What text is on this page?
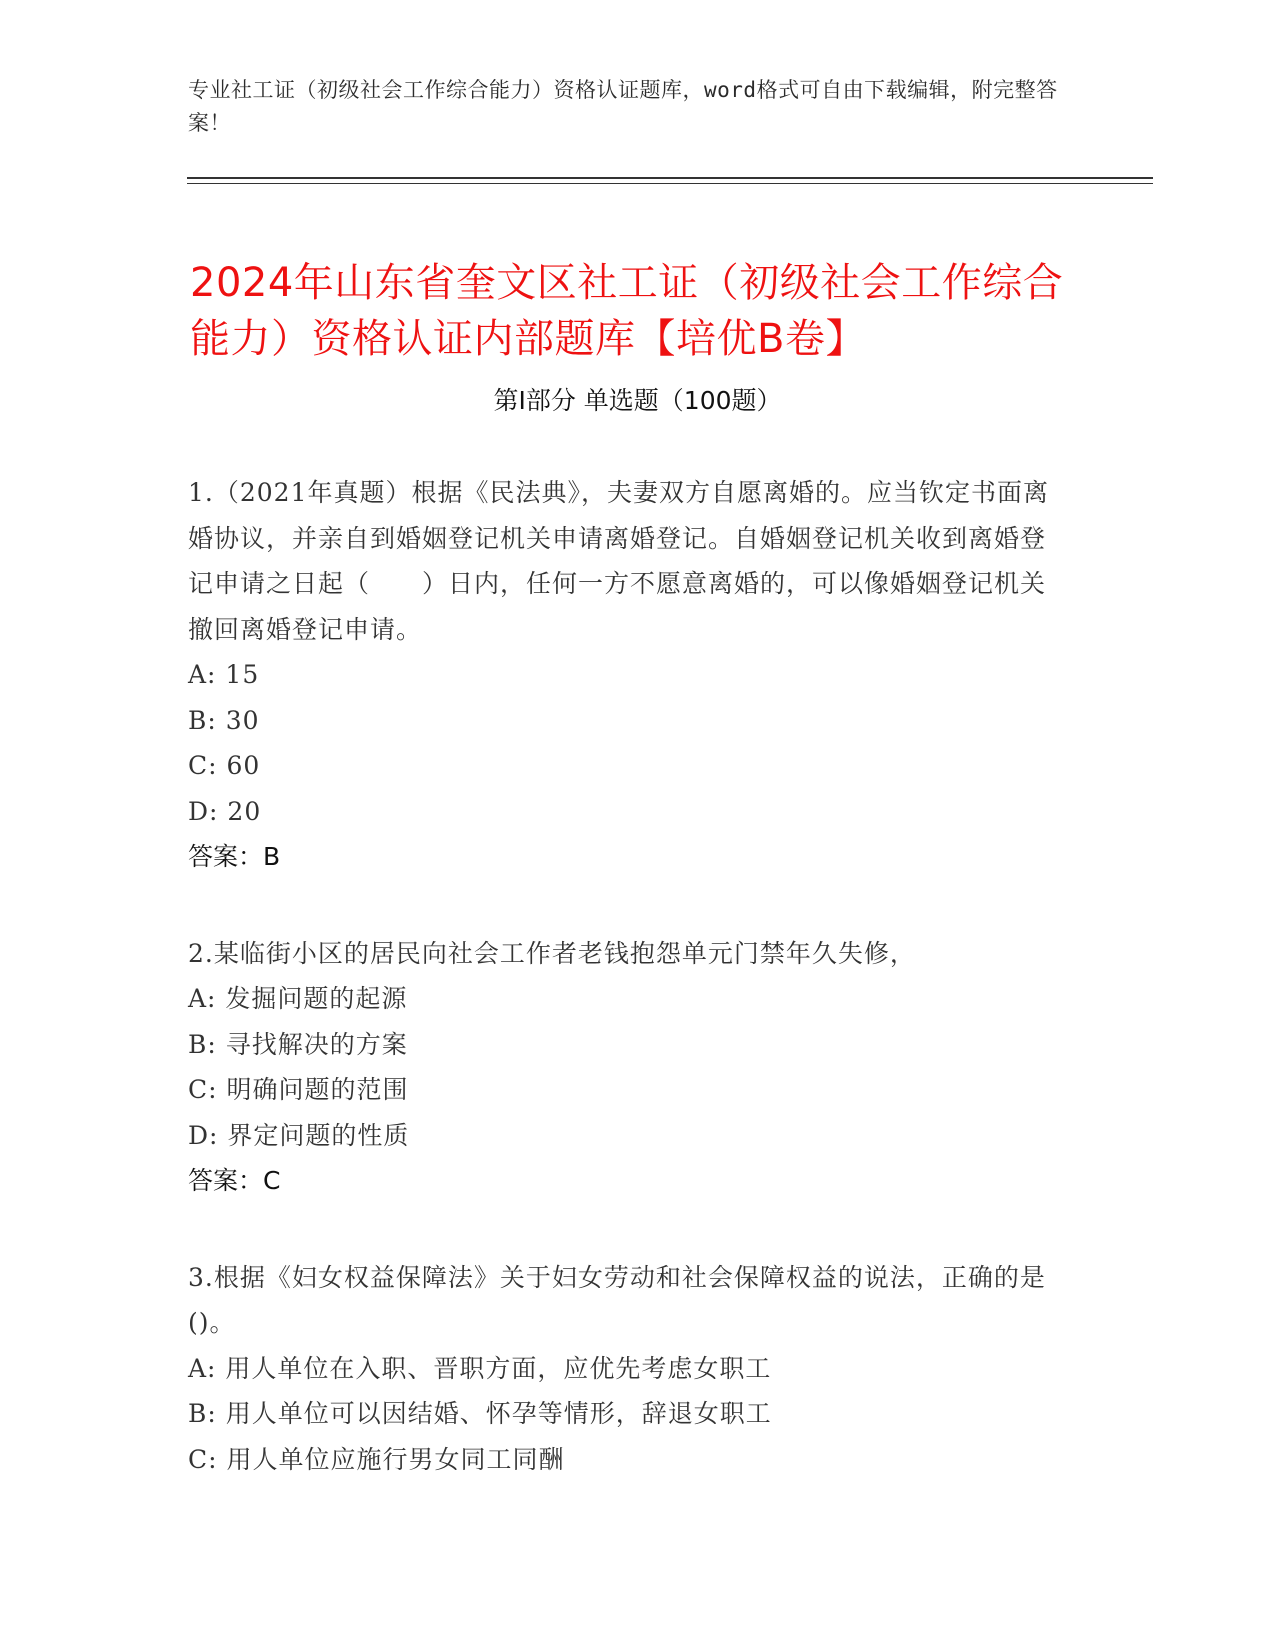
专业社工证（初级社会工作综合能力）资格认证题库，word格式可自由下载编辑，附完整答案！
2024年山东省奎文区社工证（初级社会工作综合能力）资格认证内部题库【培优B卷】
第I部分 单选题（100题）

1.（2021年真题）根据《民法典》，夫妻双方自愿离婚的。应当钦定书面离婚协议，并亲自到婚姻登记机关申请离婚登记。自婚姻登记机关收到离婚登记申请之日起（　　）日内，任何一方不愿意离婚的，可以像婚姻登记机关撤回离婚登记申请。

A: 15
B: 30
C: 60
D: 20
答案：B

2.某临街小区的居民向社会工作者老钱抱怨单元门禁年久失修，

A: 发掘问题的起源
B: 寻找解决的方案
C: 明确问题的范围
D: 界定问题的性质
答案：C

3.根据《妇女权益保障法》关于妇女劳动和社会保障权益的说法，正确的是()。

A: 用人单位在入职、晋职方面，应优先考虑女职工
B: 用人单位可以因结婚、怀孕等情形，辞退女职工
C: 用人单位应施行男女同工同酬
